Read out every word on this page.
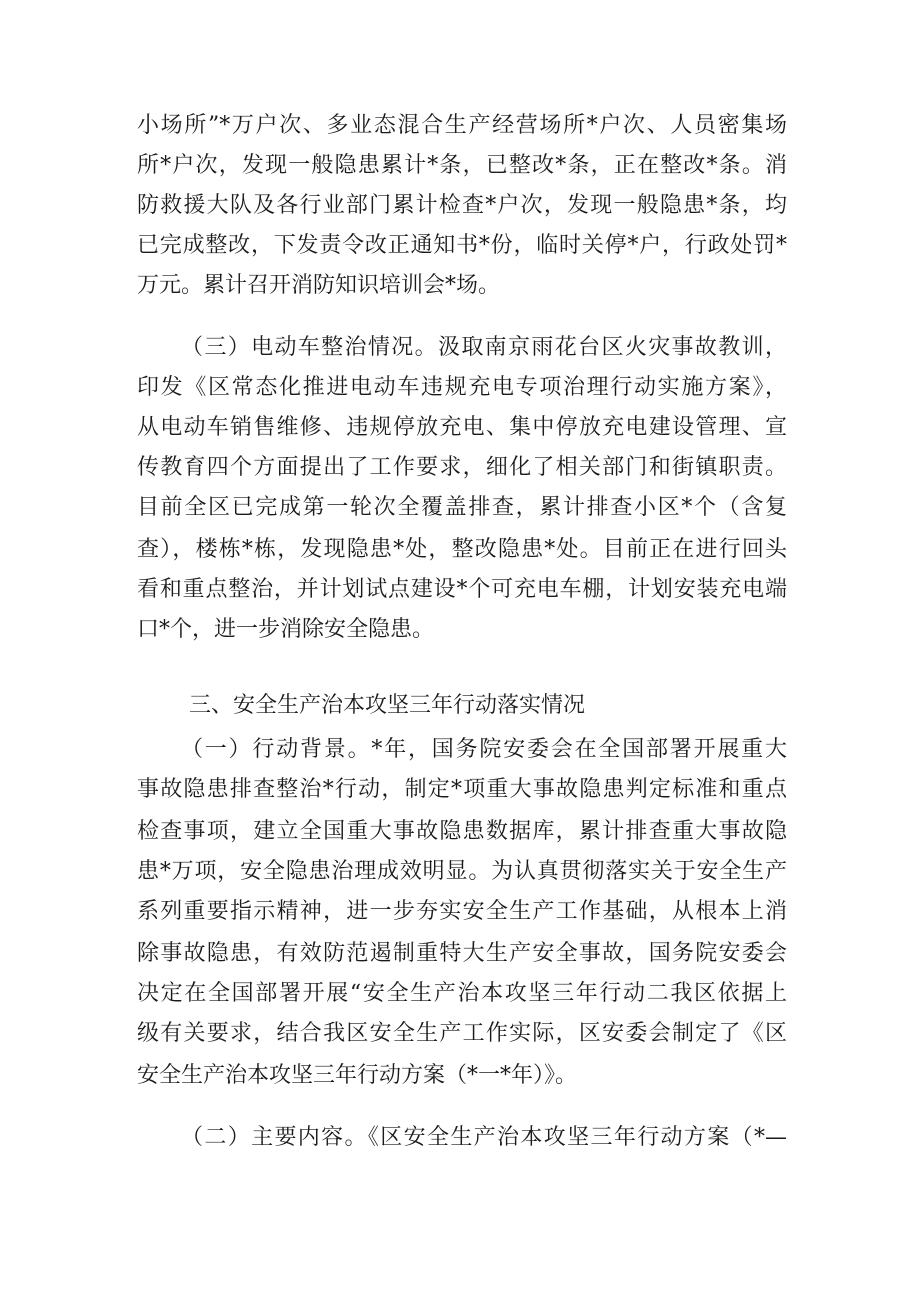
小场所”*万户次、多业态混合生产经营场所*户次、人员密集场
所*户次，发现一般隐患累计*条，已整改*条，正在整改*条。消
防救援大队及各行业部门累计检查*户次，发现一般隐患*条，均
已完成整改，下发责令改正通知书*份，临时关停*户，行政处罚*
万元。累计召开消防知识培训会*场。
（三）电动车整治情况。汲取南京雨花台区火灾事故教训，
印发《区常态化推进电动车违规充电专项治理行动实施方案》，
从电动车销售维修、违规停放充电、集中停放充电建设管理、宣
传教育四个方面提出了工作要求，细化了相关部门和街镇职责。
目前全区已完成第一轮次全覆盖排查，累计排查小区*个（含复
查），楼栋*栋，发现隐患*处，整改隐患*处。目前正在进行回头
看和重点整治，并计划试点建设*个可充电车棚，计划安装充电端
口*个，进一步消除安全隐患。
三、安全生产治本攻坚三年行动落实情况
（一）行动背景。*年，国务院安委会在全国部署开展重大
事故隐患排查整治*行动，制定*项重大事故隐患判定标准和重点
检查事项，建立全国重大事故隐患数据库，累计排查重大事故隐
患*万项，安全隐患治理成效明显。为认真贯彻落实关于安全生产
系列重要指示精神，进一步夯实安全生产工作基础，从根本上消
除事故隐患，有效防范遏制重特大生产安全事故，国务院安委会
决定在全国部署开展“安全生产治本攻坚三年行动二我区依据上
级有关要求，结合我区安全生产工作实际，区安委会制定了《区
安全生产治本攻坚三年行动方案（*一*年）》。
（二）主要内容。《区安全生产治本攻坚三年行动方案（*—
